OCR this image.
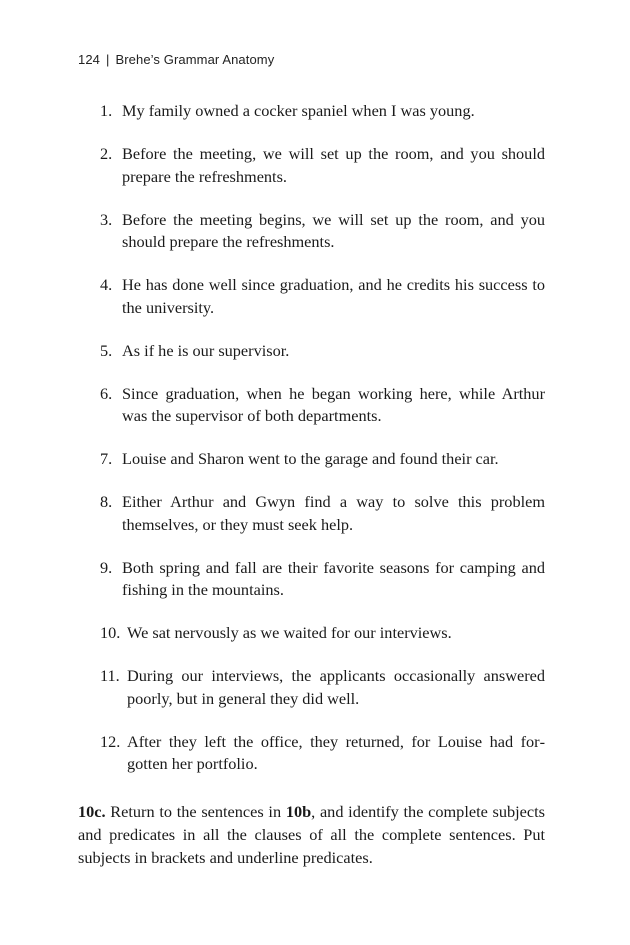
124 | Brehe’s Grammar Anatomy
1. My family owned a cocker spaniel when I was young.
2. Before the meeting, we will set up the room, and you should prepare the refreshments.
3. Before the meeting begins, we will set up the room, and you should prepare the refreshments.
4. He has done well since graduation, and he credits his success to the university.
5. As if he is our supervisor.
6. Since graduation, when he began working here, while Arthur was the supervisor of both departments.
7. Louise and Sharon went to the garage and found their car.
8. Either Arthur and Gwyn find a way to solve this problem themselves, or they must seek help.
9. Both spring and fall are their favorite seasons for camping and fishing in the mountains.
10. We sat nervously as we waited for our interviews.
11. During our interviews, the applicants occasionally answered poorly, but in general they did well.
12. After they left the office, they returned, for Louise had forgotten her portfolio.

10c. Return to the sentences in 10b, and identify the complete subjects and predicates in all the clauses of all the complete sentences. Put subjects in brackets and underline predicates.
